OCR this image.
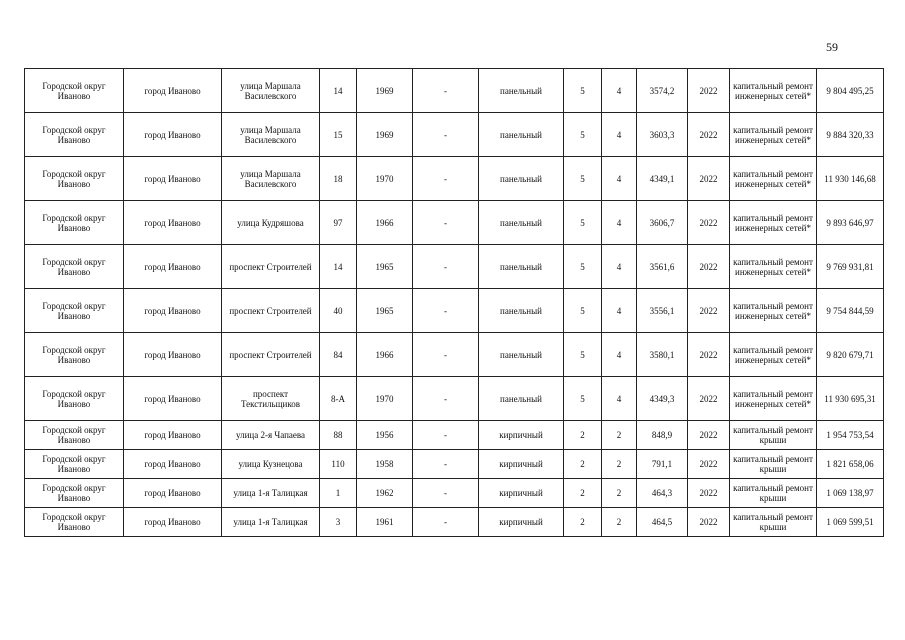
59
Городской округ Иваново	город Иваново	улица Маршала Василевского	14	1969	-	панельный	5	4	3574,2	2022	капитальный ремонт инженерных сетей*	9 804 495,25
Городской округ Иваново	город Иваново	улица Маршала Василевского	15	1969	-	панельный	5	4	3603,3	2022	капитальный ремонт инженерных сетей*	9 884 320,33
Городской округ Иваново	город Иваново	улица Маршала Василевского	18	1970	-	панельный	5	4	4349,1	2022	капитальный ремонт инженерных сетей*	11 930 146,68
Городской округ Иваново	город Иваново	улица Кудряшова	97	1966	-	панельный	5	4	3606,7	2022	капитальный ремонт инженерных сетей*	9 893 646,97
Городской округ Иваново	город Иваново	проспект Строителей	14	1965	-	панельный	5	4	3561,6	2022	капитальный ремонт инженерных сетей*	9 769 931,81
Городской округ Иваново	город Иваново	проспект Строителей	40	1965	-	панельный	5	4	3556,1	2022	капитальный ремонт инженерных сетей*	9 754 844,59
Городской округ Иваново	город Иваново	проспект Строителей	84	1966	-	панельный	5	4	3580,1	2022	капитальный ремонт инженерных сетей*	9 820 679,71
Городской округ Иваново	город Иваново	проспект Текстильщиков	8-А	1970	-	панельный	5	4	4349,3	2022	капитальный ремонт инженерных сетей*	11 930 695,31
Городской округ Иваново	город Иваново	улица 2-я Чапаева	88	1956	-	кирпичный	2	2	848,9	2022	капитальный ремонт крыши	1 954 753,54
Городской округ Иваново	город Иваново	улица Кузнецова	110	1958	-	кирпичный	2	2	791,1	2022	капитальный ремонт крыши	1 821 658,06
Городской округ Иваново	город Иваново	улица 1-я Талицкая	1	1962	-	кирпичный	2	2	464,3	2022	капитальный ремонт крыши	1 069 138,97
Городской округ Иваново	город Иваново	улица 1-я Талицкая	3	1961	-	кирпичный	2	2	464,5	2022	капитальный ремонт крыши	1 069 599,51
